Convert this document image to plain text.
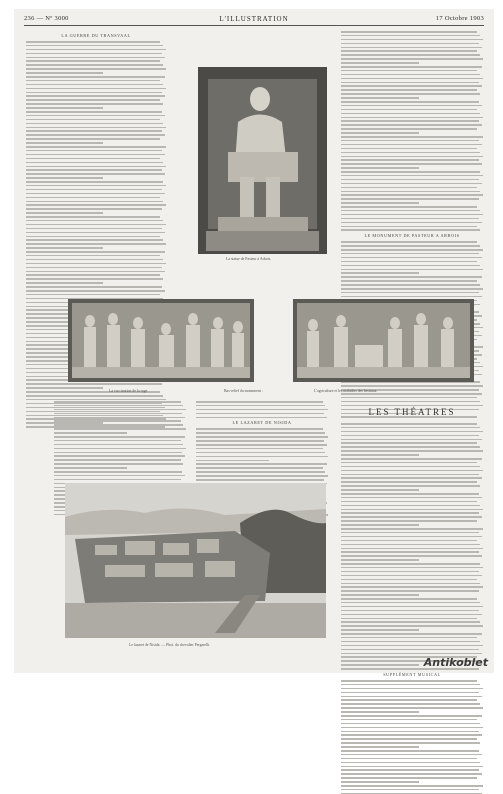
236 — Nº 3000	L'ILLUSTRATION	17 Octobre 1903
LA GUERRE DU TRANSVAAL
La statue de Pasteur à Arbois.
LE MONUMENT DE PASTEUR A ARBOIS
La vaccination de la rage.	Bas-relief du monument :	L'agriculture et les maladies des bestiaux.
LE LAZARET DE NISIDA
LES THÉATRES
SUPPLÉMENT MUSICAL
Le lazaret de Nisida. — Phot. du chevalier Pergarelli.
Antikoblet
